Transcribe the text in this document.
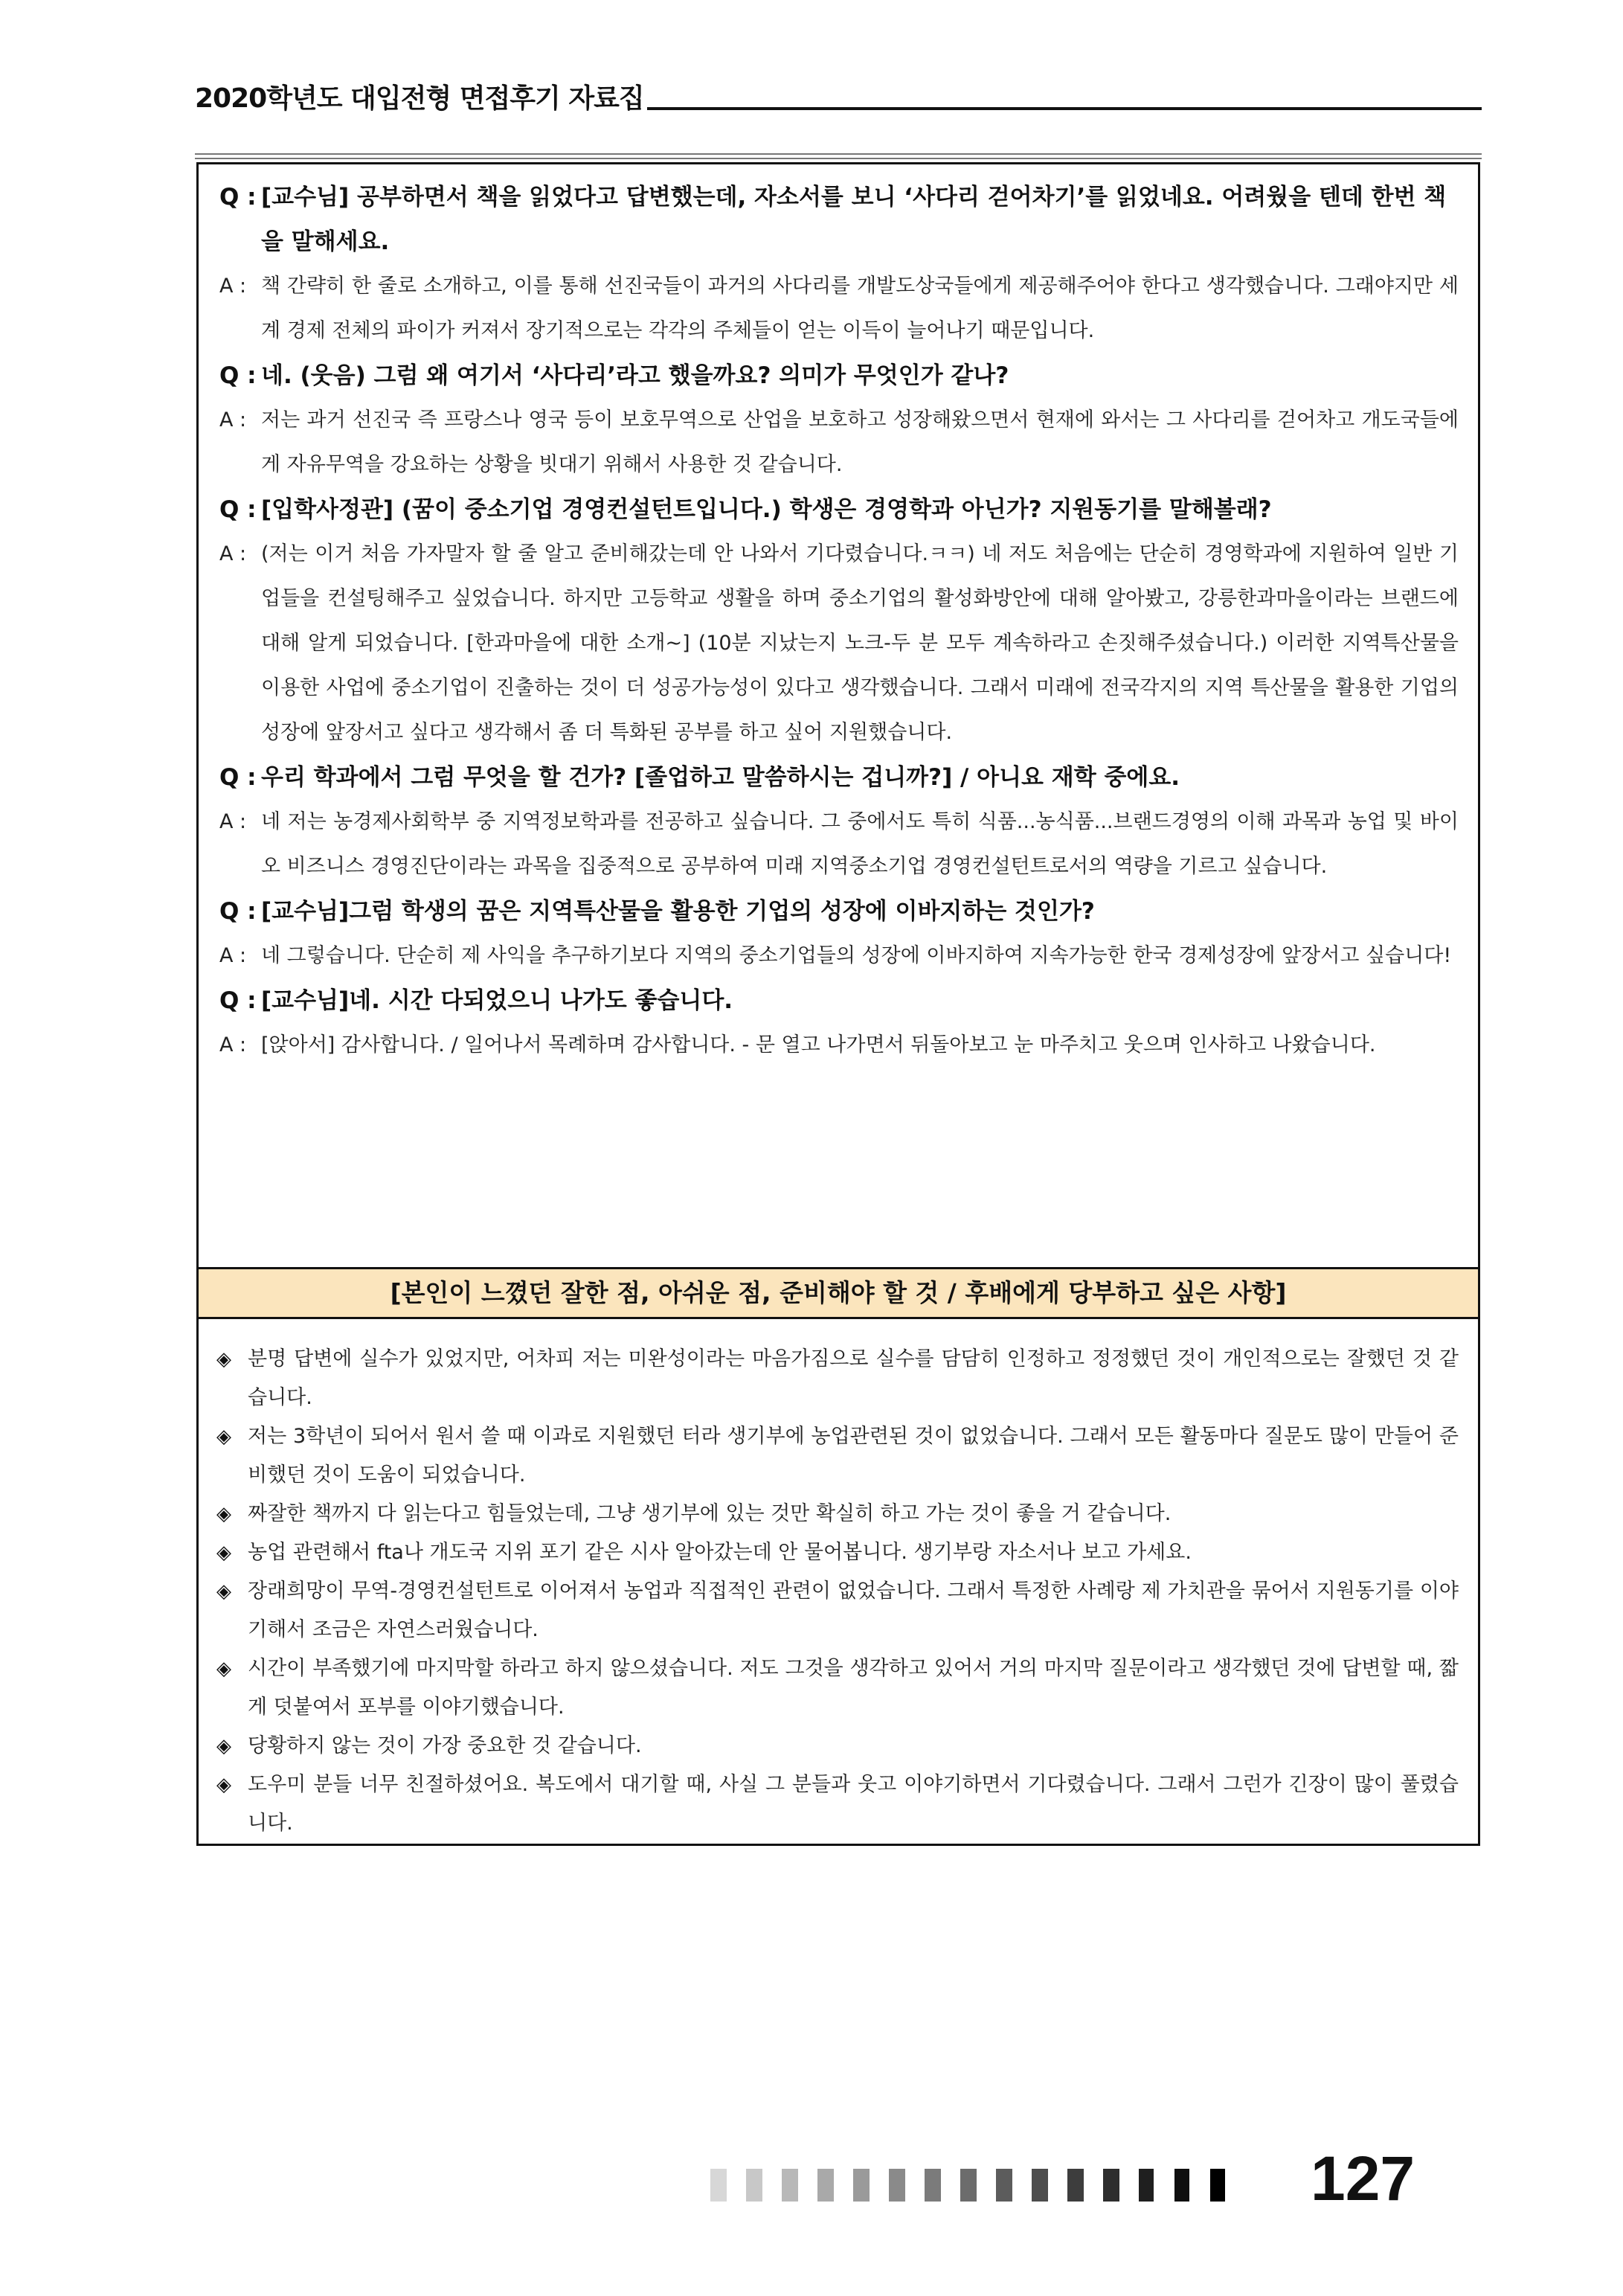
2020학년도 대입전형 면접후기 자료집
Q : [교수님] 공부하면서 책을 읽었다고 답변했는데, 자소서를 보니 ‘사다리 걷어차기’를 읽었네요. 어려웠을 텐데 한번 책을 말해세요.
A : 책 간략히 한 줄로 소개하고, 이를 통해 선진국들이 과거의 사다리를 개발도상국들에게 제공해주어야 한다고 생각했습니다. 그래야지만 세계 경제 전체의 파이가 커져서 장기적으로는 각각의 주체들이 얻는 이득이 늘어나기 때문입니다.
Q : 네. (웃음) 그럼 왜 여기서 ‘사다리’라고 했을까요? 의미가 무엇인가 같나?
A : 저는 과거 선진국 즉 프랑스나 영국 등이 보호무역으로 산업을 보호하고 성장해왔으면서 현재에 와서는 그 사다리를 걷어차고 개도국들에게 자유무역을 강요하는 상황을 빗대기 위해서 사용한 것 같습니다.
Q : [입학사정관] (꿈이 중소기업 경영컨설턴트입니다.) 학생은 경영학과 아닌가? 지원동기를 말해볼래?
A : (저는 이거 처음 가자말자 할 줄 알고 준비해갔는데 안 나와서 기다렸습니다.ㅋㅋ) 네 저도 처음에는 단순히 경영학과에 지원하여 일반 기업들을 컨설팅해주고 싶었습니다. 하지만 고등학교 생활을 하며 중소기업의 활성화방안에 대해 알아봤고, 강릉한과마을이라는 브랜드에 대해 알게 되었습니다. [한과마을에 대한 소개~] (10분 지났는지 노크-두 분 모두 계속하라고 손짓해주셨습니다.) 이러한 지역특산물을 이용한 사업에 중소기업이 진출하는 것이 더 성공가능성이 있다고 생각했습니다. 그래서 미래에 전국각지의 지역 특산물을 활용한 기업의 성장에 앞장서고 싶다고 생각해서 좀 더 특화된 공부를 하고 싶어 지원했습니다.
Q : 우리 학과에서 그럼 무엇을 할 건가? [졸업하고 말씀하시는 겁니까?] / 아니요 재학 중에요.
A : 네 저는 농경제사회학부 중 지역정보학과를 전공하고 싶습니다. 그 중에서도 특히 식품...농식품...브랜드경영의 이해 과목과 농업 및 바이오 비즈니스 경영진단이라는 과목을 집중적으로 공부하여 미래 지역중소기업 경영컨설턴트로서의 역량을 기르고 싶습니다.
Q : [교수님]그럼 학생의 꿈은 지역특산물을 활용한 기업의 성장에 이바지하는 것인가?
A : 네 그렇습니다. 단순히 제 사익을 추구하기보다 지역의 중소기업들의 성장에 이바지하여 지속가능한 한국 경제성장에 앞장서고 싶습니다!
Q : [교수님]네. 시간 다되었으니 나가도 좋습니다.
A : [앉아서] 감사합니다. / 일어나서 목례하며 감사합니다. - 문 열고 나가면서 뒤돌아보고 눈 마주치고 웃으며 인사하고 나왔습니다.
[본인이 느꼈던 잘한 점, 아쉬운 점, 준비해야 할 것 / 후배에게 당부하고 싶은 사항]
◈ 분명 답변에 실수가 있었지만, 어차피 저는 미완성이라는 마음가짐으로 실수를 담담히 인정하고 정정했던 것이 개인적으로는 잘했던 것 같습니다.
◈ 저는 3학년이 되어서 원서 쓸 때 이과로 지원했던 터라 생기부에 농업관련된 것이 없었습니다. 그래서 모든 활동마다 질문도 많이 만들어 준비했던 것이 도움이 되었습니다.
◈ 짜잘한 책까지 다 읽는다고 힘들었는데, 그냥 생기부에 있는 것만 확실히 하고 가는 것이 좋을 거 같습니다.
◈ 농업 관련해서 fta나 개도국 지위 포기 같은 시사 알아갔는데 안 물어봅니다. 생기부랑 자소서나 보고 가세요.
◈ 장래희망이 무역-경영컨설턴트로 이어져서 농업과 직접적인 관련이 없었습니다. 그래서 특정한 사례랑 제 가치관을 묶어서 지원동기를 이야기해서 조금은 자연스러웠습니다.
◈ 시간이 부족했기에 마지막할 하라고 하지 않으셨습니다. 저도 그것을 생각하고 있어서 거의 마지막 질문이라고 생각했던 것에 답변할 때, 짧게 덧붙여서 포부를 이야기했습니다.
◈ 당황하지 않는 것이 가장 중요한 것 같습니다.
◈ 도우미 분들 너무 친절하셨어요. 복도에서 대기할 때, 사실 그 분들과 웃고 이야기하면서 기다렸습니다. 그래서 그런가 긴장이 많이 풀렸습니다.
127
